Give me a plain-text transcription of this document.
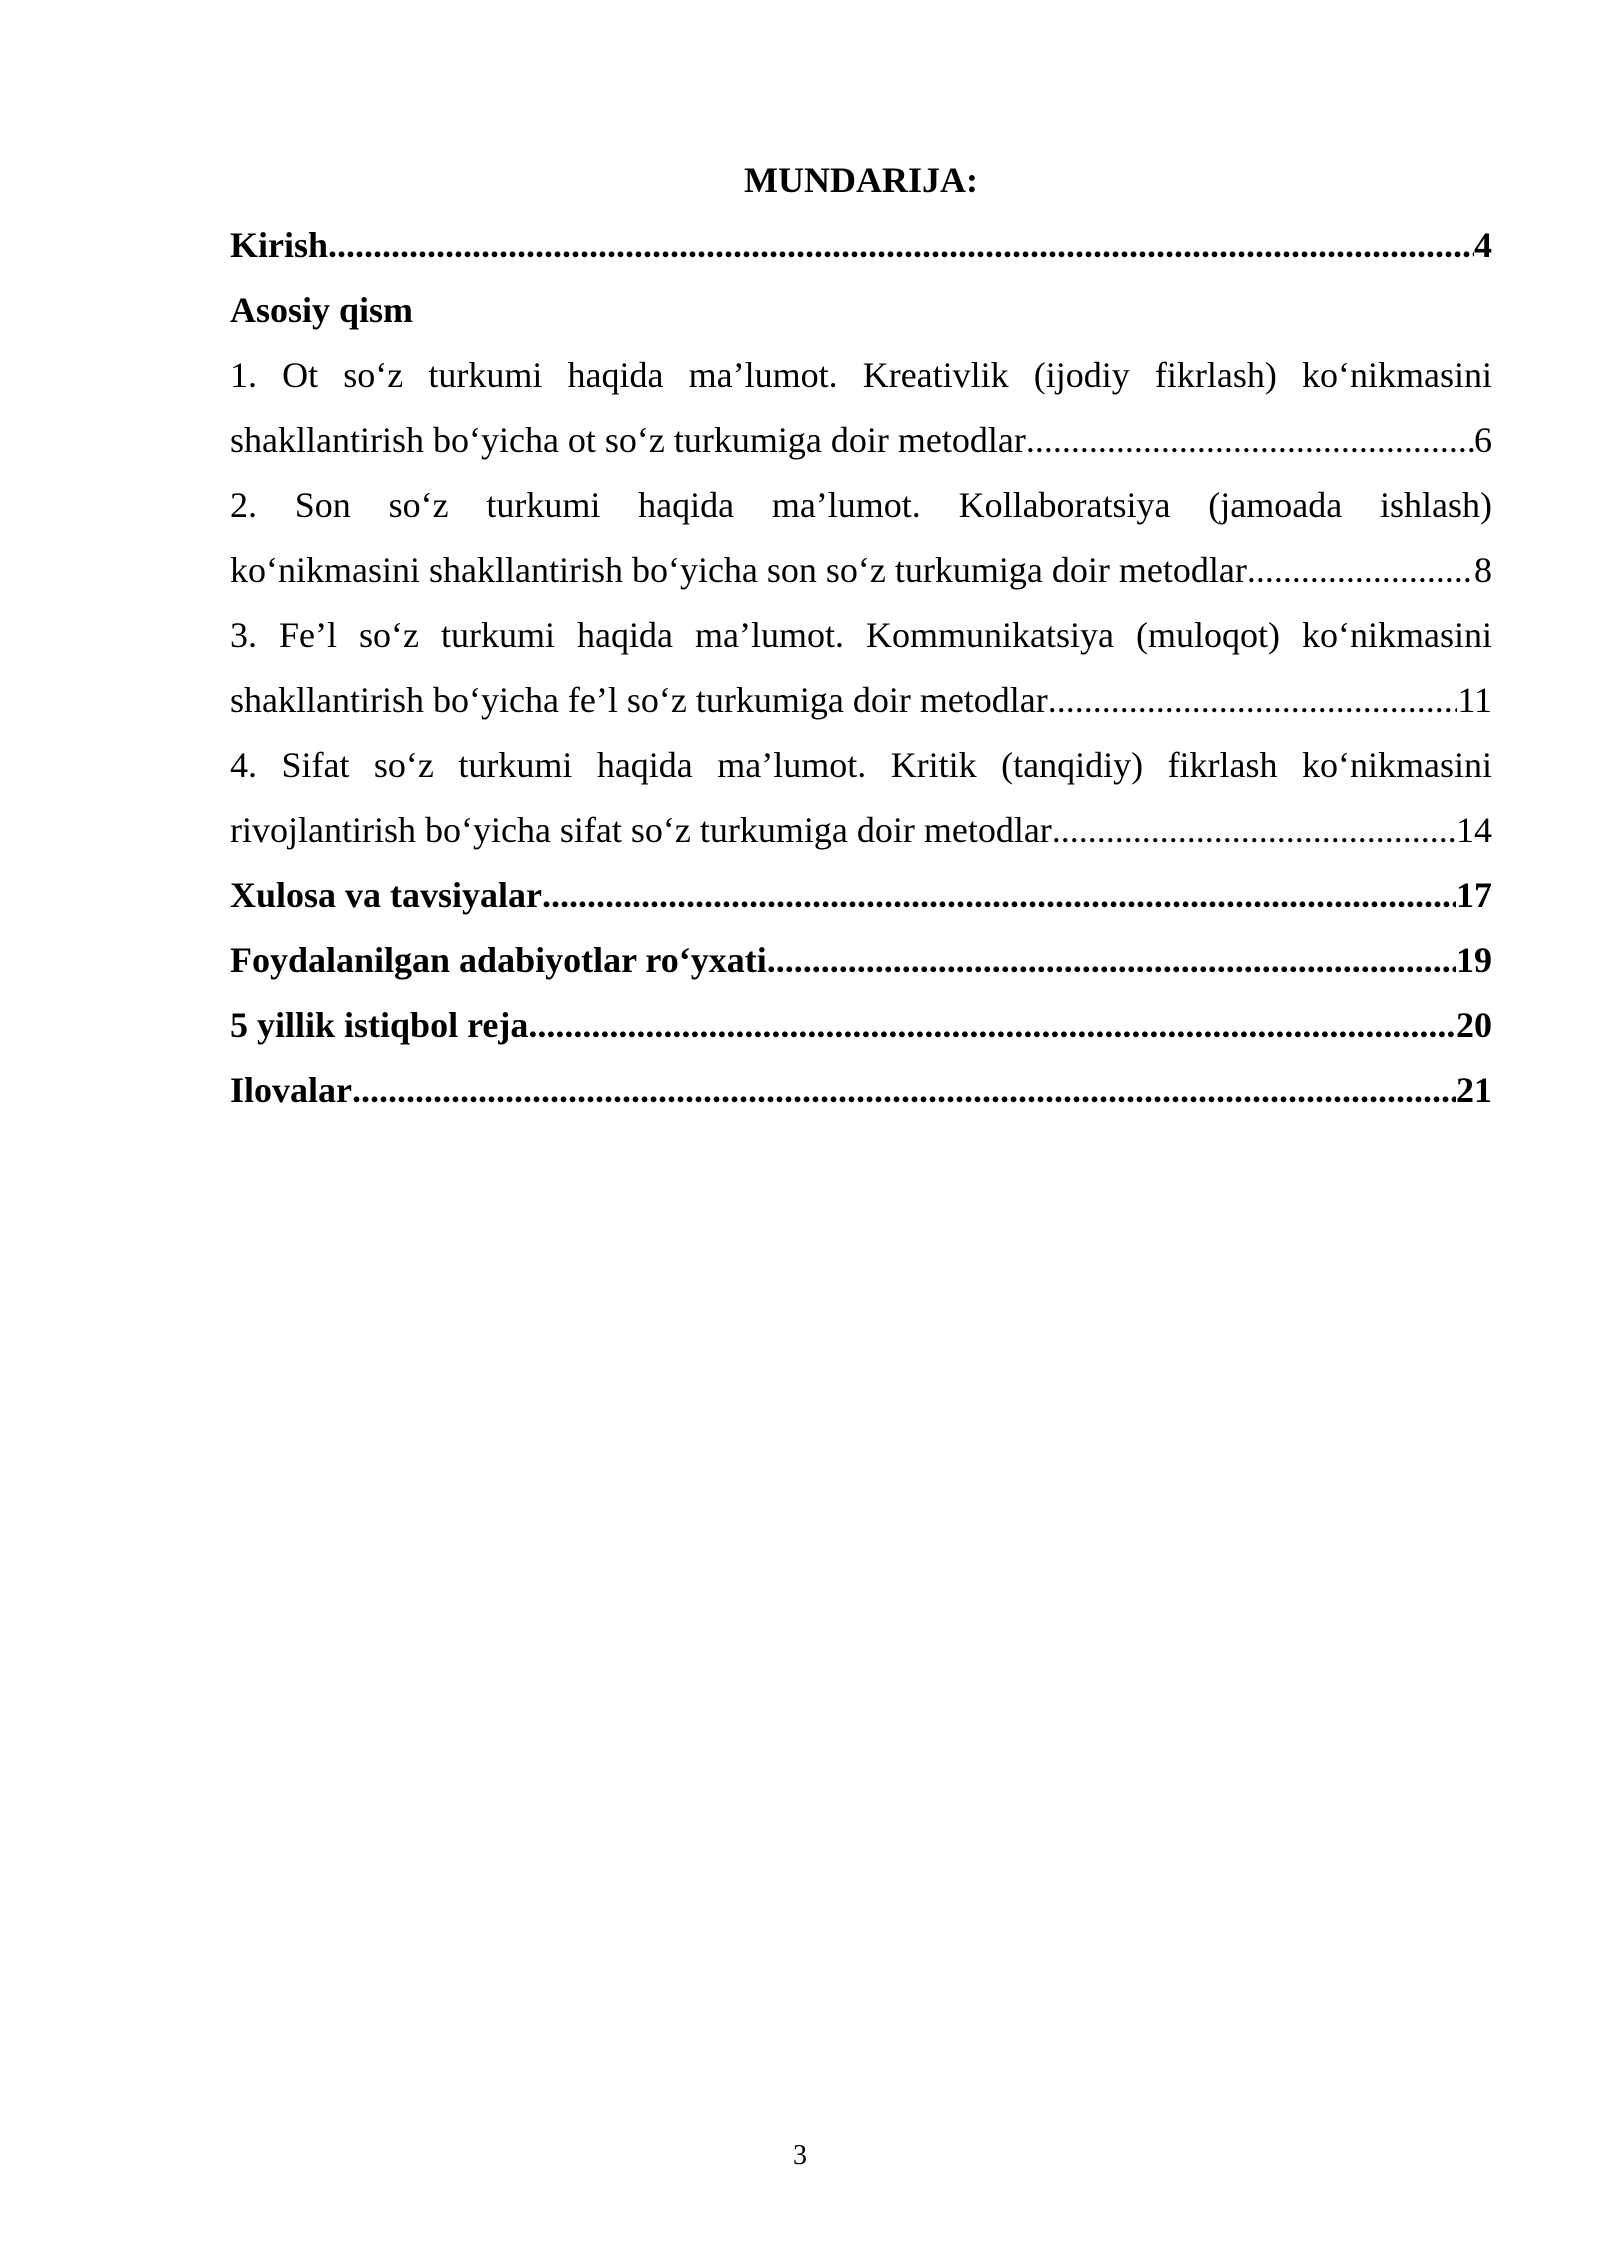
MUNDARIJA:
Kirish .....	4
Asosiy qism
1. Ot so‘z turkumi haqida ma’lumot. Kreativlik (ijodiy fikrlash) ko‘nikmasini
shakllantirish bo‘yicha ot so‘z turkumiga doir metodlar .....	6
2. Son so‘z turkumi haqida ma’lumot. Kollaboratsiya (jamoada ishlash)
ko‘nikmasini shakllantirish bo‘yicha son so‘z turkumiga doir metodlar .....	8
3. Fe’l so‘z turkumi haqida ma’lumot. Kommunikatsiya (muloqot) ko‘nikmasini
shakllantirish bo‘yicha fe’l so‘z turkumiga doir metodlar .....	11
4. Sifat so‘z turkumi haqida ma’lumot. Kritik (tanqidiy) fikrlash ko‘nikmasini
rivojlantirish bo‘yicha sifat so‘z turkumiga doir metodlar .....	14
Xulosa va tavsiyalar .....	17
Foydalanilgan adabiyotlar ro‘yxati .....	19
5 yillik istiqbol reja .....	20
Ilovalar .....	21
3
